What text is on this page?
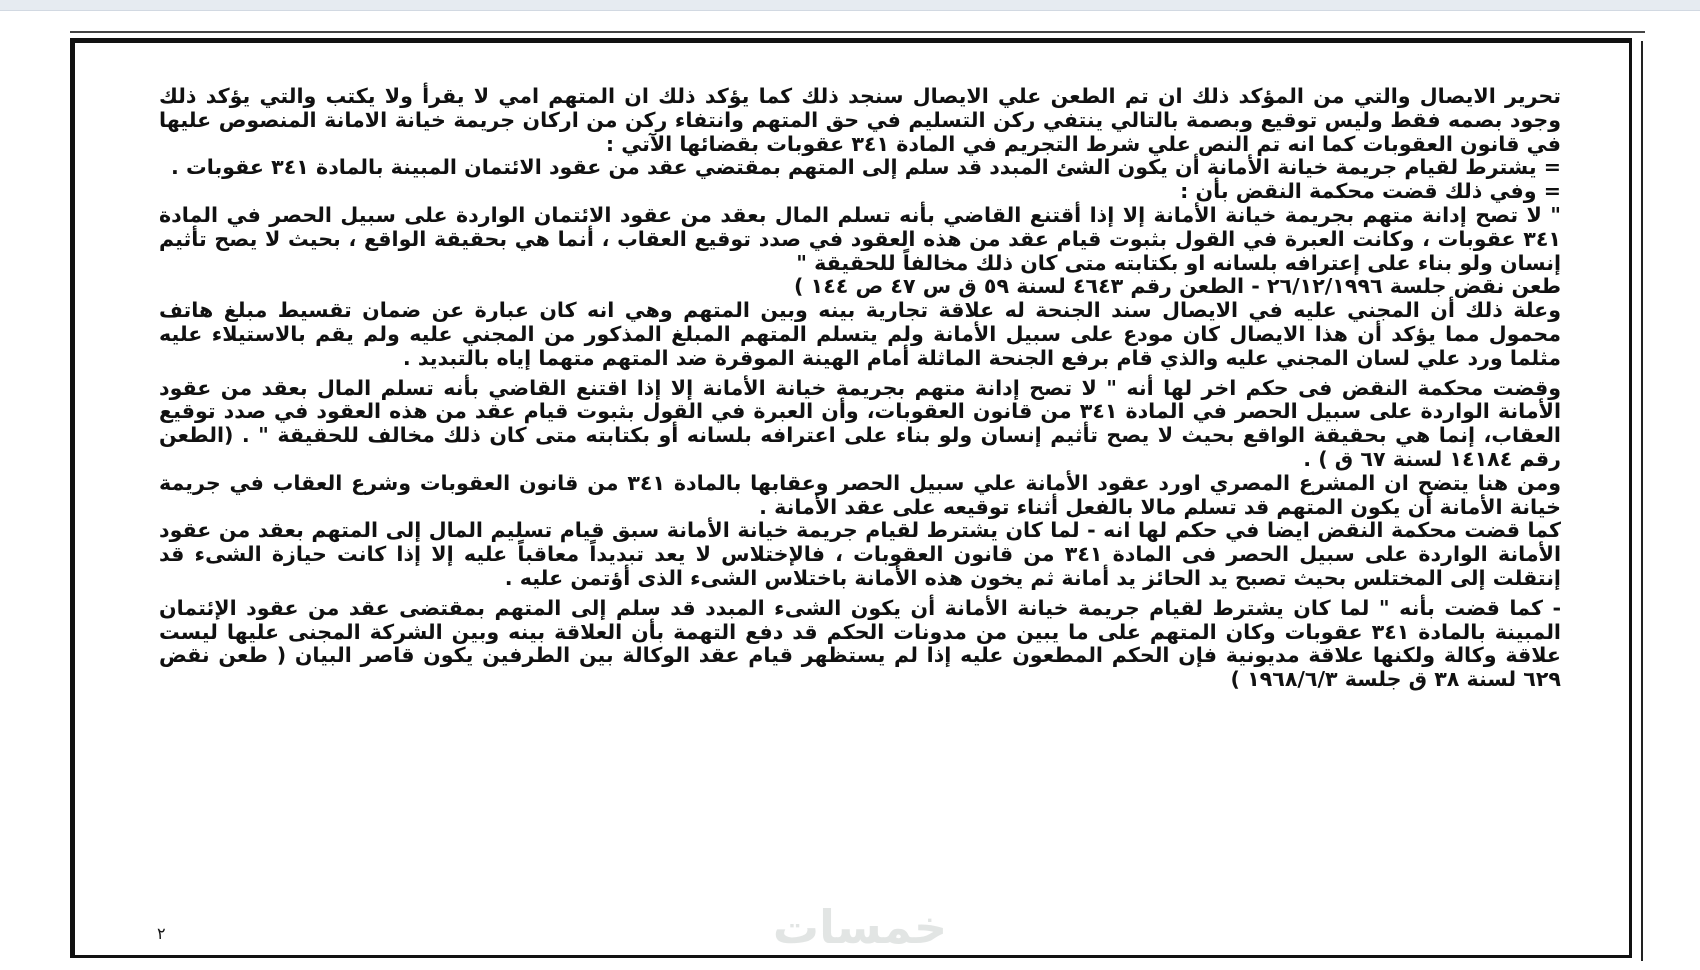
تحرير الايصال والتي من المؤكد ذلك ان تم الطعن علي الايصال سنجد ذلك كما يؤكد ذلك ان المتهم امي لا يقرأ ولا يكتب والتي يؤكد ذلك وجود بصمه فقط وليس توقيع وبصمة بالتالي ينتفي ركن التسليم في حق المتهم وانتفاء ركن من اركان جريمة خيانة الامانة المنصوص عليها في قانون العقوبات كما انه تم النص علي شرط التجريم في المادة ٣٤١ عقوبات بقضائها الآتي :

= يشترط لقيام جريمة خيانة الأمانة أن يكون الشئ المبدد قد سلم إلى المتهم بمقتضي عقد من عقود الائتمان المبينة بالمادة ٣٤١ عقوبات .

= وفي ذلك قضت محكمة النقض بأن :

" لا تصح إدانة متهم بجريمة خيانة الأمانة إلا إذا أقتنع القاضي بأنه تسلم المال بعقد من عقود الائتمان الواردة على سبيل الحصر في المادة ٣٤١ عقوبات ، وكانت العبرة في القول بثبوت قيام عقد من هذه العقود في صدد توقيع العقاب ، أنما هي بحقيقة الواقع ، بحيث لا يصح تأثيم إنسان ولو بناء على إعترافه بلسانه او بكتابته متى كان ذلك مخالفاً للحقيقة "

طعن نقض جلسة ٢٦/١٢/١٩٩٦ - الطعن رقم ٤٦٤٣ لسنة ٥٩ ق س ٤٧ ص ١٤٤ )

وعلة ذلك أن المجني عليه في الايصال سند الجنحة له علاقة تجارية بينه وبين المتهم وهي انه كان عبارة عن ضمان تقسيط مبلغ هاتف محمول مما يؤكد أن هذا الايصال كان مودع على سبيل الأمانة ولم يتسلم المتهم المبلغ المذكور من المجني عليه ولم يقم بالاستيلاء عليه مثلما ورد علي لسان المجني عليه والذي قام برفع الجنحة الماثلة أمام الهينة الموقرة ضد المتهم متهما إياه بالتبديد .

وقضت محكمة النقض فى حكم اخر لها أنه " لا تصح إدانة متهم بجريمة خيانة الأمانة إلا إذا اقتنع القاضي بأنه تسلم المال بعقد من عقود الأمانة الواردة على سبيل الحصر في المادة ٣٤١ من قانون العقوبات، وأن العبرة في القول بثبوت قيام عقد من هذه العقود في صدد توقيع العقاب، إنما هي بحقيقة الواقع بحيث لا يصح تأثيم إنسان ولو بناء على اعترافه بلسانه أو بكتابته متى كان ذلك مخالف للحقيقة " . (الطعن رقم ١٤١٨٤ لسنة ٦٧ ق ) .

ومن هنا يتضح ان المشرع المصري اورد عقود الأمانة علي سبيل الحصر وعقابها بالمادة ٣٤١ من قانون العقوبات وشرع العقاب في جريمة خيانة الأمانة أن يكون المتهم قد تسلم مالا بالفعل أثناء توقيعه على عقد الأمانة .

كما قضت محكمة النقض ايضا في حكم لها انه - لما كان يشترط لقيام جريمة خيانة الأمانة سبق قيام تسليم المال إلى المتهم بعقد من عقود الأمانة الواردة على سبيل الحصر فى المادة ٣٤١ من قانون العقوبات ، فالإختلاس لا يعد تبديداً معاقباً عليه إلا إذا كانت حيازة الشىء قد إنتقلت إلى المختلس بحيث تصبح يد الحائز يد أمانة ثم يخون هذه الأمانة باختلاس الشىء الذى أؤتمن عليه .

- كما قضت بأنه " لما كان يشترط لقيام جريمة خيانة الأمانة أن يكون الشىء المبدد قد سلم إلى المتهم بمقتضى عقد من عقود الإئتمان المبينة بالمادة ٣٤١ عقوبات وكان المتهم على ما يبين من مدونات الحكم قد دفع التهمة بأن العلاقة بينه وبين الشركة المجنى عليها ليست علاقة وكالة ولكنها علاقة مديونية فإن الحكم المطعون عليه إذا لم يستظهر قيام عقد الوكالة بين الطرفين يكون قاصر البيان ( طعن نقض ٦٢٩ لسنة ٣٨ ق جلسة ١٩٦٨/٦/٣ )

٢	خمسات
